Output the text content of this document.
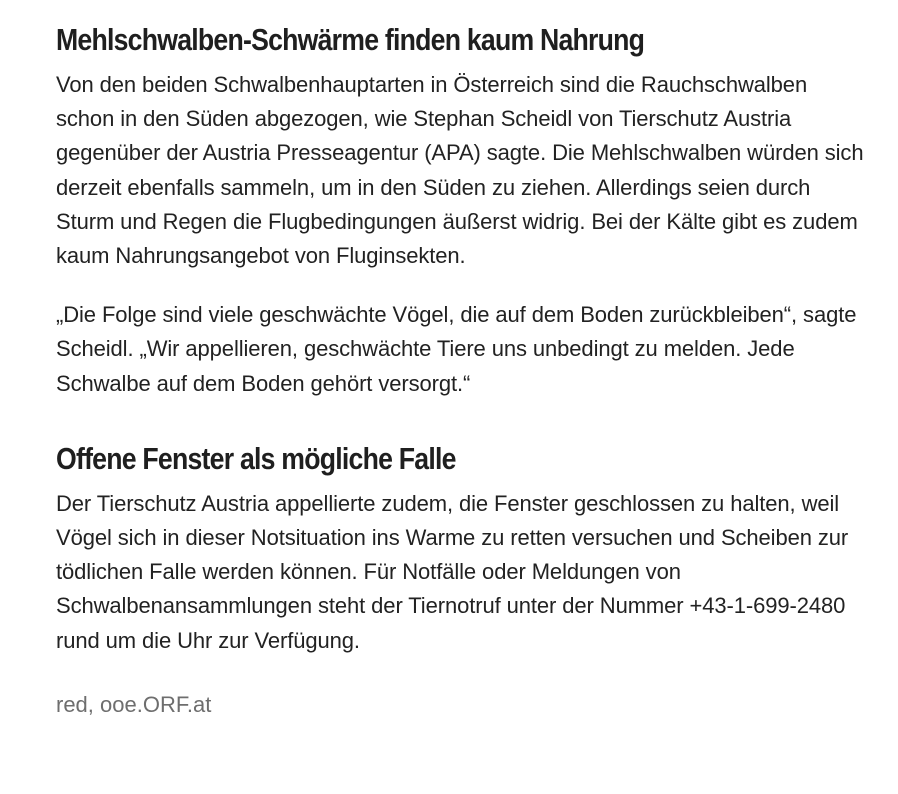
Mehlschwalben-Schwärme finden kaum Nahrung

Von den beiden Schwalbenhauptarten in Österreich sind die Rauchschwalben schon in den Süden abgezogen, wie Stephan Scheidl von Tierschutz Austria gegenüber der Austria Presseagentur (APA) sagte. Die Mehlschwalben würden sich derzeit ebenfalls sammeln, um in den Süden zu ziehen. Allerdings seien durch Sturm und Regen die Flugbedingungen äußerst widrig. Bei der Kälte gibt es zudem kaum Nahrungsangebot von Fluginsekten.

„Die Folge sind viele geschwächte Vögel, die auf dem Boden zurückbleiben“, sagte Scheidl. „Wir appellieren, geschwächte Tiere uns unbedingt zu melden. Jede Schwalbe auf dem Boden gehört versorgt.“

Offene Fenster als mögliche Falle

Der Tierschutz Austria appellierte zudem, die Fenster geschlossen zu halten, weil Vögel sich in dieser Notsituation ins Warme zu retten versuchen und Scheiben zur tödlichen Falle werden können. Für Notfälle oder Meldungen von Schwalbenansammlungen steht der Tiernotruf unter der Nummer +43-1-699-2480 rund um die Uhr zur Verfügung.

red, ooe.ORF.at
